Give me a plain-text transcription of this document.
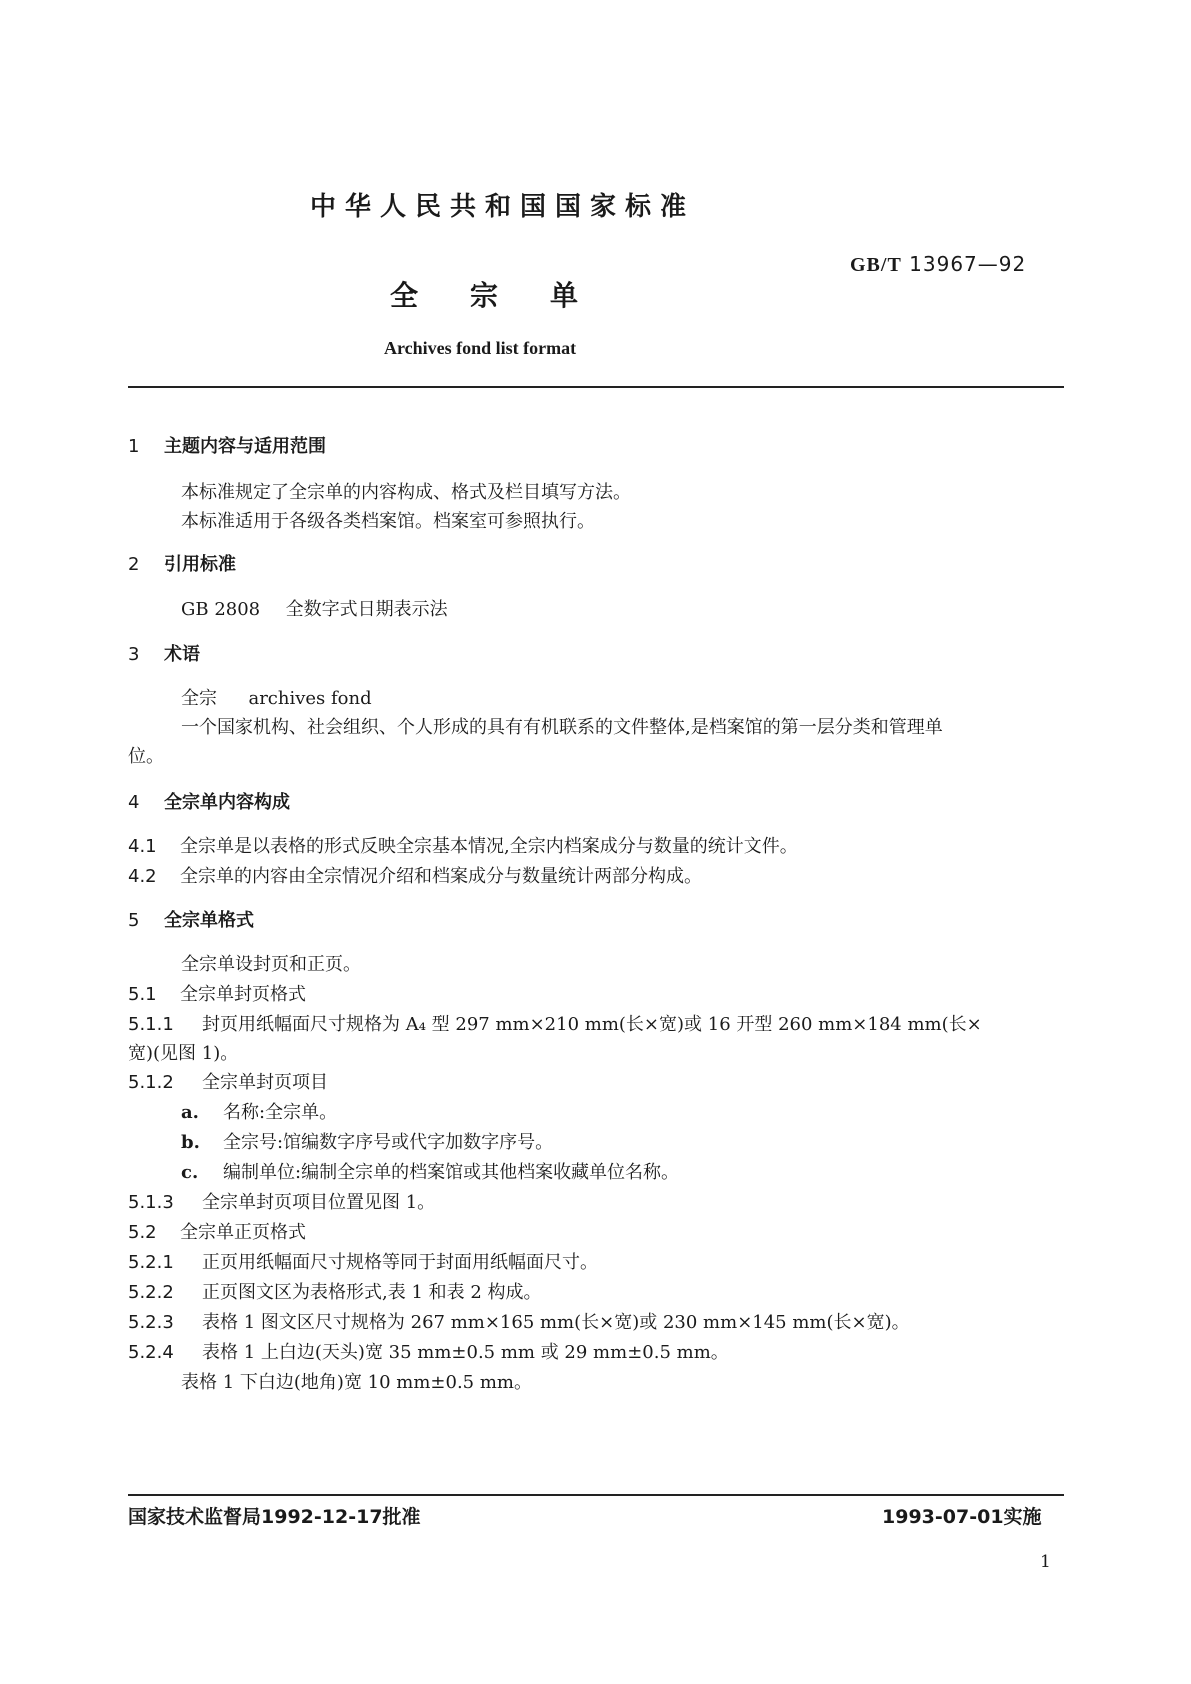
中华人民共和国国家标准
GB/T 13967—92
全宗单
Archives fond list format
1 主题内容与适用范围
本标准规定了全宗单的内容构成、格式及栏目填写方法。
本标准适用于各级各类档案馆。档案室可参照执行。
2 引用标准
GB 2808 全数字式日期表示法
3 术语
全宗 archives fond
一个国家机构、社会组织、个人形成的具有有机联系的文件整体,是档案馆的第一层分类和管理单
位。
4 全宗单内容构成
4.1 全宗单是以表格的形式反映全宗基本情况,全宗内档案成分与数量的统计文件。
4.2 全宗单的内容由全宗情况介绍和档案成分与数量统计两部分构成。
5 全宗单格式
全宗单设封页和正页。
5.1 全宗单封页格式
5.1.1 封页用纸幅面尺寸规格为 A₄ 型 297 mm×210 mm(长×宽)或 16 开型 260 mm×184 mm(长×
宽)(见图 1)。
5.1.2 全宗单封页项目
a. 名称:全宗单。
b. 全宗号:馆编数字序号或代字加数字序号。
c. 编制单位:编制全宗单的档案馆或其他档案收藏单位名称。
5.1.3 全宗单封页项目位置见图 1。
5.2 全宗单正页格式
5.2.1 正页用纸幅面尺寸规格等同于封面用纸幅面尺寸。
5.2.2 正页图文区为表格形式,表 1 和表 2 构成。
5.2.3 表格 1 图文区尺寸规格为 267 mm×165 mm(长×宽)或 230 mm×145 mm(长×宽)。
5.2.4 表格 1 上白边(天头)宽 35 mm±0.5 mm 或 29 mm±0.5 mm。
表格 1 下白边(地角)宽 10 mm±0.5 mm。
国家技术监督局1992-12-17批准	1993-07-01实施
1
